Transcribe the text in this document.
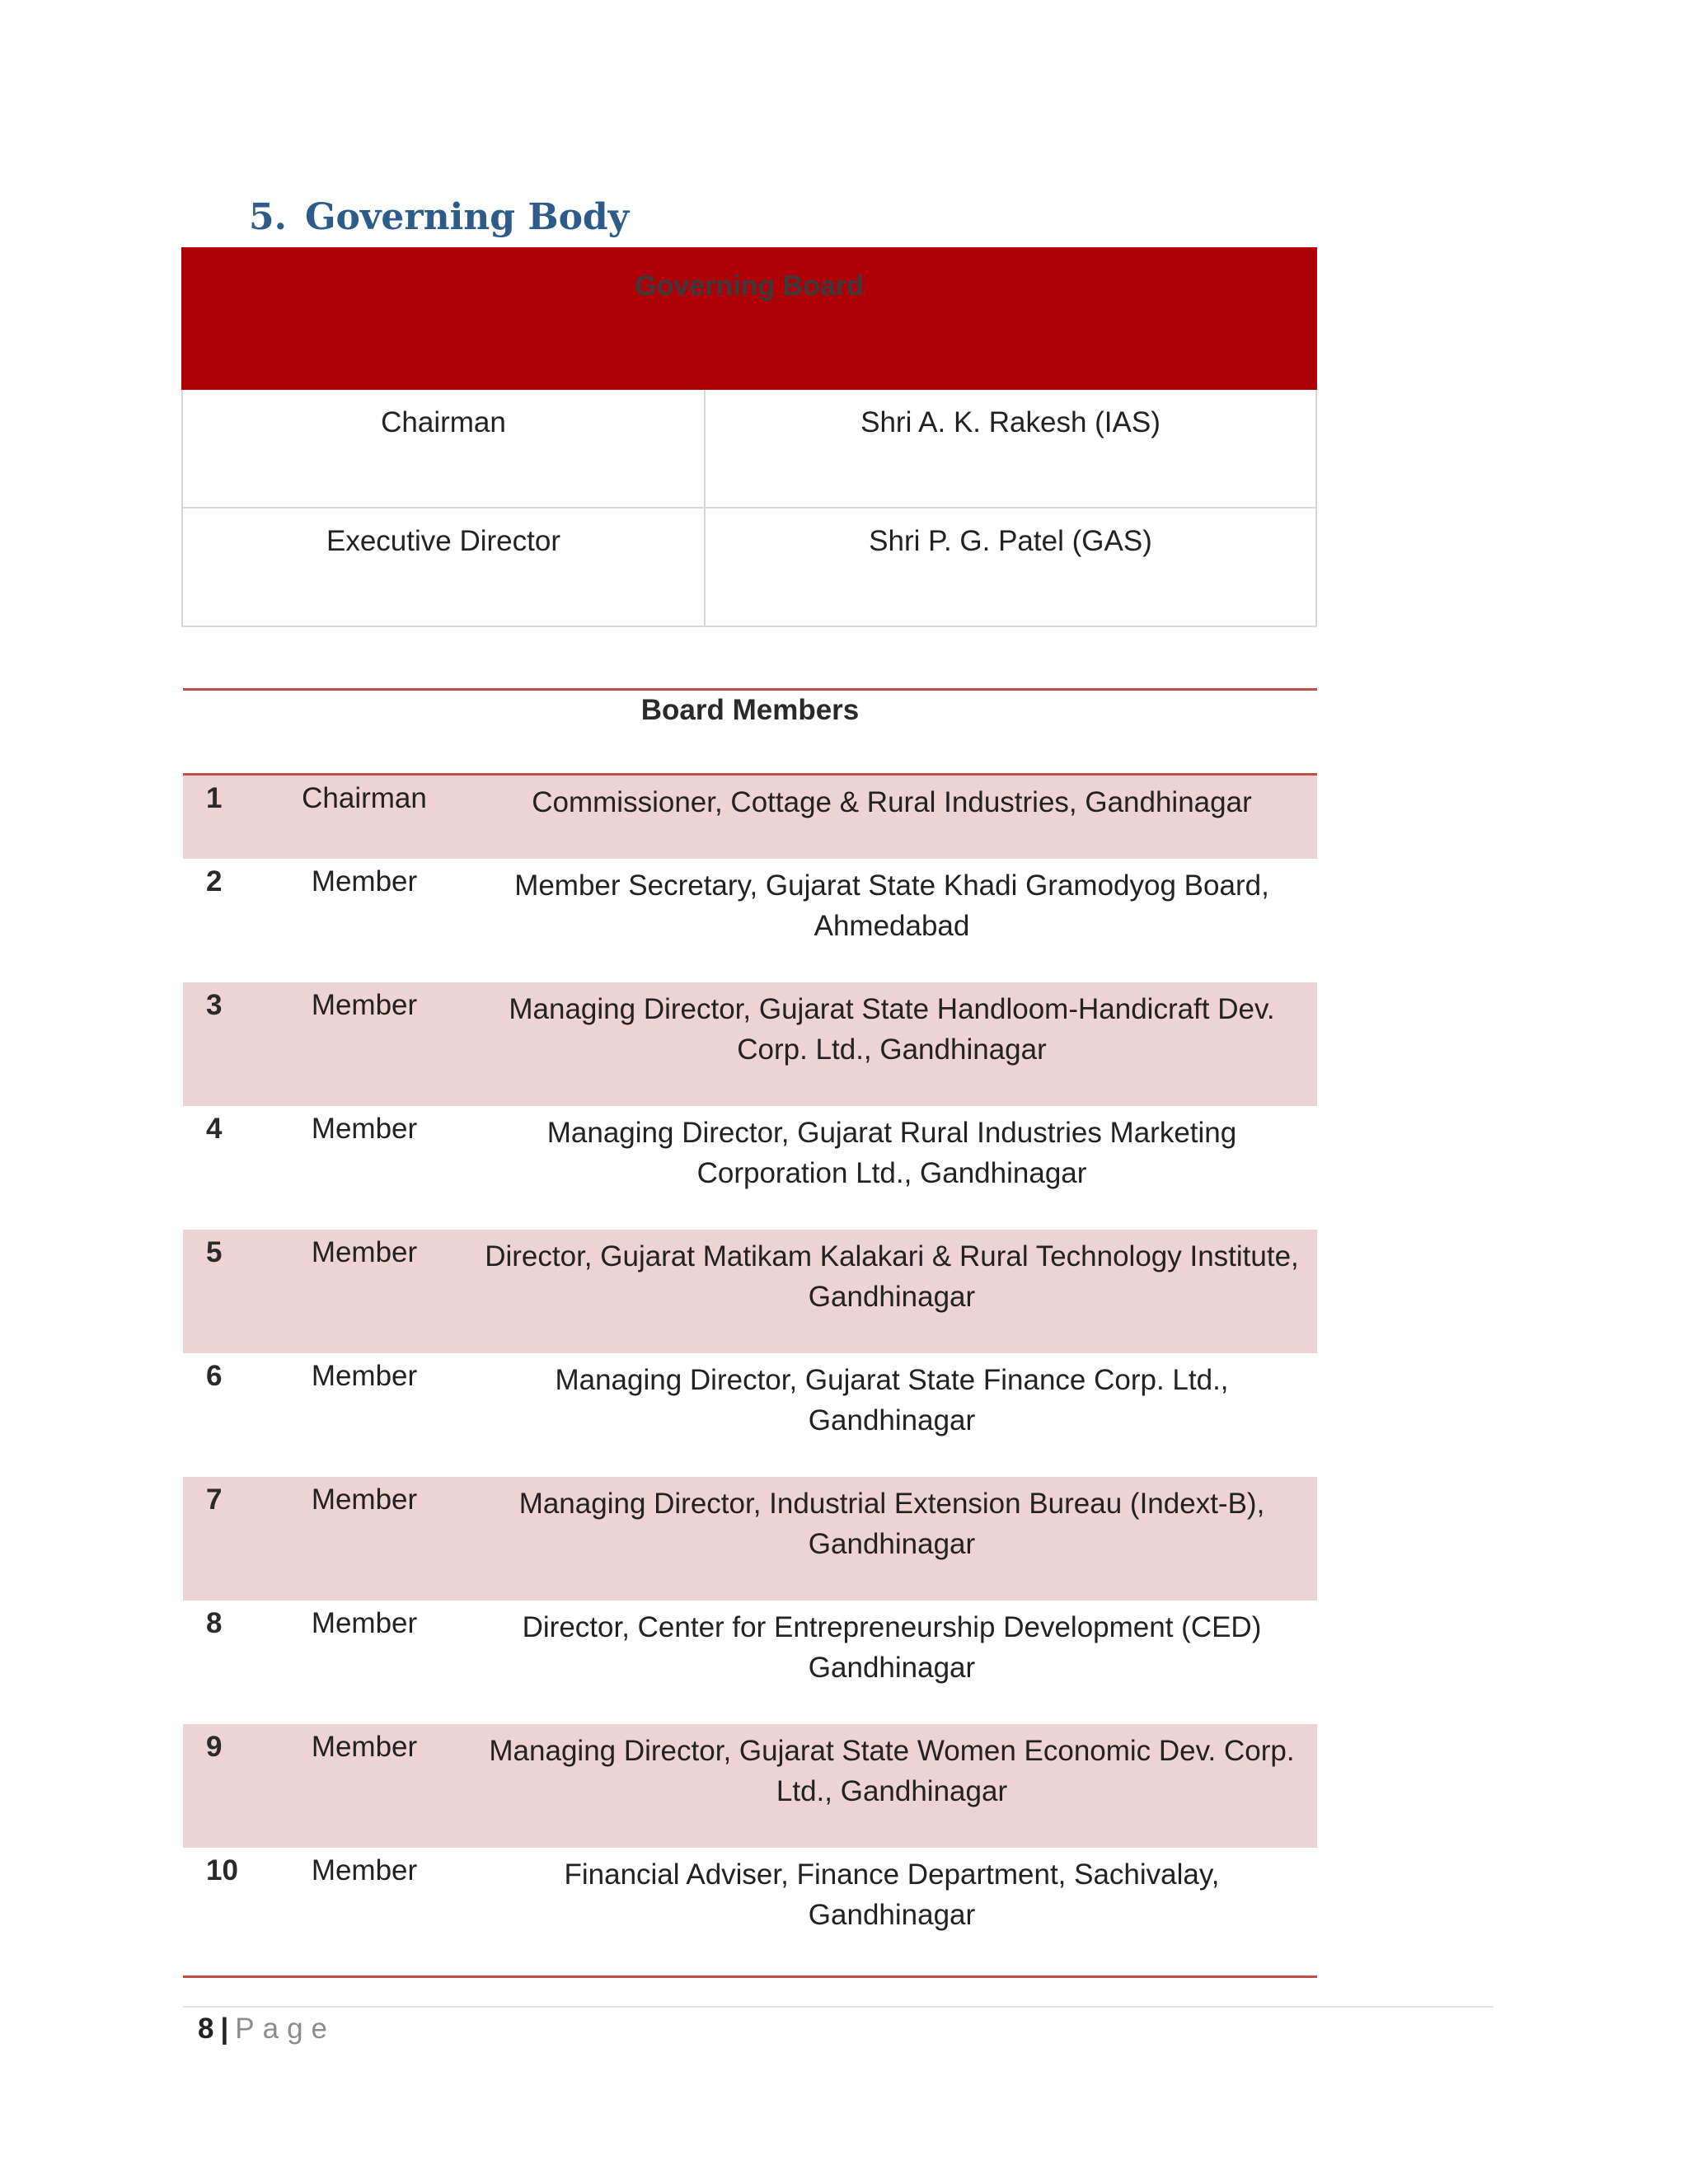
5. Governing Body
Governing Board	
Chairman	Shri A. K. Rakesh (IAS)
Executive Director	Shri P. G. Patel (GAS)
Board Members
1	Chairman	Commissioner, Cottage & Rural Industries, Gandhinagar
2	Member	Member Secretary, Gujarat State Khadi Gramodyog Board, Ahmedabad
3	Member	Managing Director, Gujarat State Handloom-Handicraft Dev. Corp. Ltd., Gandhinagar
4	Member	Managing Director, Gujarat Rural Industries Marketing Corporation Ltd., Gandhinagar
5	Member	Director, Gujarat Matikam Kalakari & Rural Technology Institute, Gandhinagar
6	Member	Managing Director, Gujarat State Finance Corp. Ltd., Gandhinagar
7	Member	Managing Director, Industrial Extension Bureau (Indext-B), Gandhinagar
8	Member	Director, Center for Entrepreneurship Development (CED) Gandhinagar
9	Member	Managing Director, Gujarat State Women Economic Dev. Corp. Ltd., Gandhinagar
10	Member	Financial Adviser, Finance Department, Sachivalay, Gandhinagar
8 | Page
